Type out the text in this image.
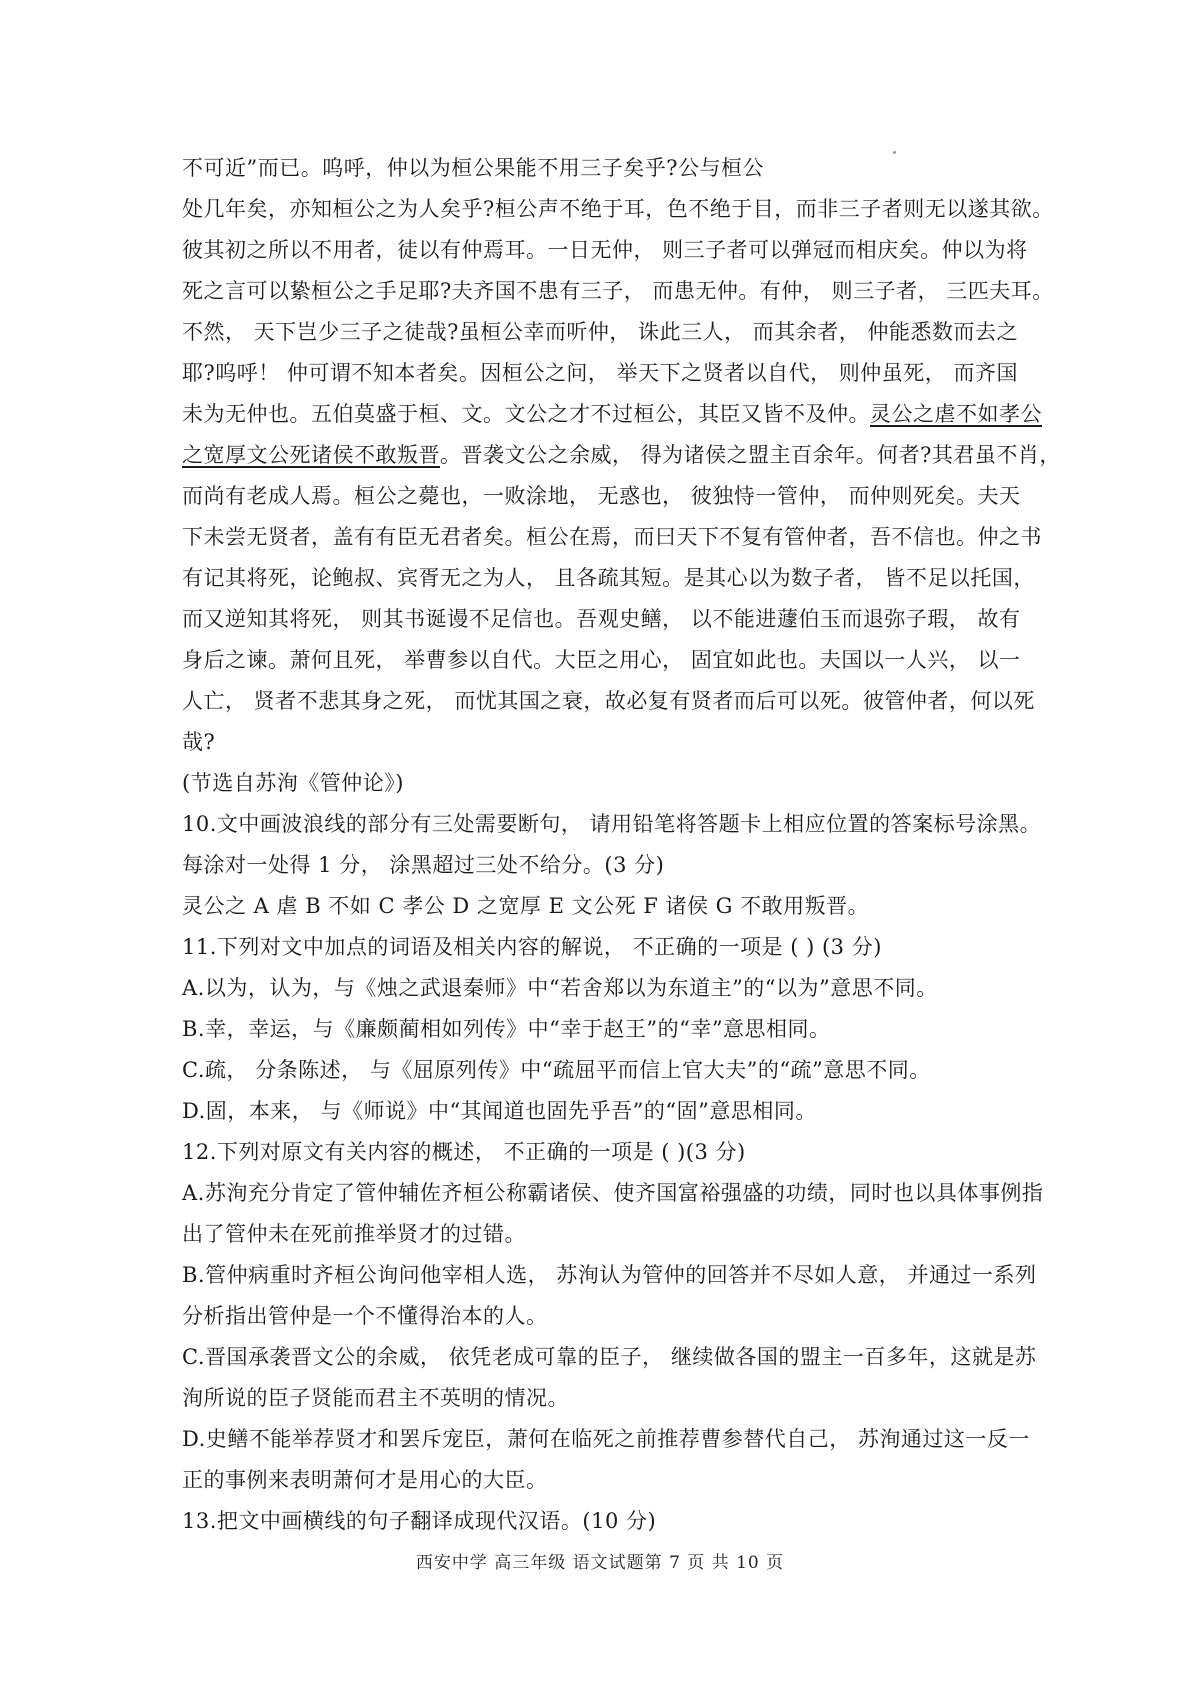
不可近”而已。呜呼，仲以为桓公果能不用三子矣乎?公与桓公
处几年矣，亦知桓公之为人矣乎?桓公声不绝于耳，色不绝于目，而非三子者则无以遂其欲。
彼其初之所以不用者，徒以有仲焉耳。一日无仲， 则三子者可以弹冠而相庆矣。仲以为将
死之言可以絷桓公之手足耶?夫齐国不患有三子， 而患无仲。有仲， 则三子者， 三匹夫耳。
不然， 天下岂少三子之徒哉?虽桓公幸而听仲， 诛此三人， 而其余者， 仲能悉数而去之
耶?呜呼！ 仲可谓不知本者矣。因桓公之问， 举天下之贤者以自代， 则仲虽死， 而齐国
未为无仲也。五伯莫盛于桓、文。文公之才不过桓公，其臣又皆不及仲。灵公之虐不如孝公
之宽厚文公死诸侯不敢叛晋。晋袭文公之余威， 得为诸侯之盟主百余年。何者?其君虽不肖，
而尚有老成人焉。桓公之薨也，一败涂地， 无惑也， 彼独恃一管仲， 而仲则死矣。夫天
下未尝无贤者，盖有有臣无君者矣。桓公在焉，而曰天下不复有管仲者，吾不信也。仲之书
有记其将死，论鲍叔、宾胥无之为人， 且各疏其短。是其心以为数子者， 皆不足以托国，
而又逆知其将死， 则其书诞谩不足信也。吾观史鳝， 以不能进蘧伯玉而退弥子瑕， 故有
身后之谏。萧何且死， 举曹参以自代。大臣之用心， 固宜如此也。夫国以一人兴， 以一
人亡， 贤者不悲其身之死， 而忧其国之衰，故必复有贤者而后可以死。彼管仲者，何以死
哉?
(节选自苏洵《管仲论》)
10.文中画波浪线的部分有三处需要断句， 请用铅笔将答题卡上相应位置的答案标号涂黑。
每涂对一处得 1 分， 涂黑超过三处不给分。(3 分)
灵公之 A 虐 B 不如 C 孝公 D 之宽厚 E 文公死 F 诸侯 G 不敢用叛晋。
11.下列对文中加点的词语及相关内容的解说， 不正确的一项是 ( ) (3 分)
A.以为，认为，与《烛之武退秦师》中“若舍郑以为东道主”的“以为”意思不同。
B.幸，幸运，与《廉颇蔺相如列传》中“幸于赵王”的“幸”意思相同。
C.疏， 分条陈述， 与《屈原列传》中“疏屈平而信上官大夫”的“疏”意思不同。
D.固，本来， 与《师说》中“其闻道也固先乎吾”的“固”意思相同。
12.下列对原文有关内容的概述， 不正确的一项是 ( )(3 分)
A.苏洵充分肯定了管仲辅佐齐桓公称霸诸侯、使齐国富裕强盛的功绩，同时也以具体事例指
出了管仲未在死前推举贤才的过错。
B.管仲病重时齐桓公询问他宰相人选， 苏洵认为管仲的回答并不尽如人意， 并通过一系列
分析指出管仲是一个不懂得治本的人。
C.晋国承袭晋文公的余威， 依凭老成可靠的臣子， 继续做各国的盟主一百多年，这就是苏
洵所说的臣子贤能而君主不英明的情况。
D.史鳝不能举荐贤才和罢斥宠臣，萧何在临死之前推荐曹参替代自己， 苏洵通过这一反一
正的事例来表明萧何才是用心的大臣。
13.把文中画横线的句子翻译成现代汉语。(10 分)
西安中学 高三年级 语文试题第 7 页 共 10 页
